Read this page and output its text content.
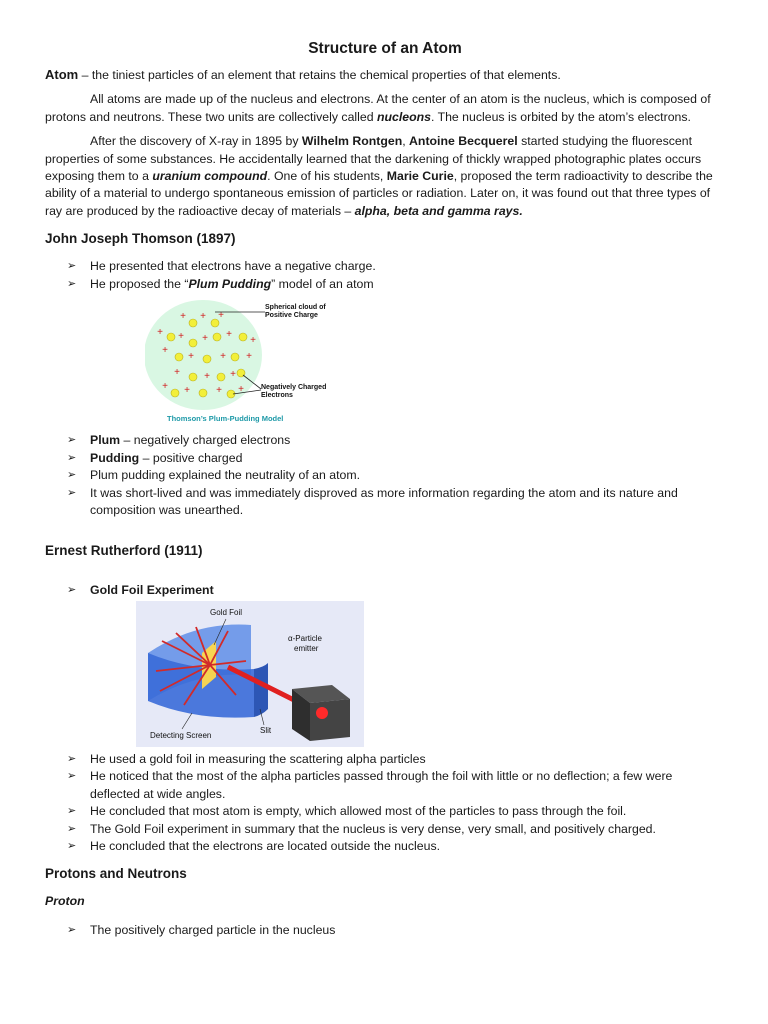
Structure of an Atom

Atom – the tiniest particles of an element that retains the chemical properties of that elements.

All atoms are made up of the nucleus and electrons. At the center of an atom is the nucleus, which is composed of protons and neutrons. These two units are collectively called nucleons. The nucleus is orbited by the atom’s electrons.

After the discovery of X-ray in 1895 by Wilhelm Rontgen, Antoine Becquerel started studying the fluorescent properties of some substances. He accidentally learned that the darkening of thickly wrapped photographic plates occurs exposing them to a uranium compound. One of his students, Marie Curie, proposed the term radioactivity to describe the ability of a material to undergo spontaneous emission of particles or radiation. Later on, it was found out that three types of ray are produced by the radioactive decay of materials – alpha, beta and gamma rays.

John Joseph Thomson (1897)
➢ He presented that electrons have a negative charge.
➢ He proposed the “Plum Pudding” model of an atom
+ + +
+ + + +
+
+
+	+ +
+ + +
+ +	+ +
Spherical cloud of
Positive Charge
Negatively Charged
Electrons
Thomson’s Plum-Pudding Model
➢ Plum – negatively charged electrons
➢ Pudding – positive charged
➢ Plum pudding explained the neutrality of an atom.
➢ It was short-lived and was immediately disproved as more information regarding the atom and its nature and composition was unearthed.
Ernest Rutherford (1911)
➢ Gold Foil Experiment
Gold Foil
α-Particle
emitter
Detecting Screen
Slit
➢ He used a gold foil in measuring the scattering alpha particles
➢ He noticed that the most of the alpha particles passed through the foil with little or no deflection; a few were deflected at wide angles.
➢ He concluded that most atom is empty, which allowed most of the particles to pass through the foil.
➢ The Gold Foil experiment in summary that the nucleus is very dense, very small, and positively charged.
➢ He concluded that the electrons are located outside the nucleus.
Protons and Neutrons
Proton
➢ The positively charged particle in the nucleus
